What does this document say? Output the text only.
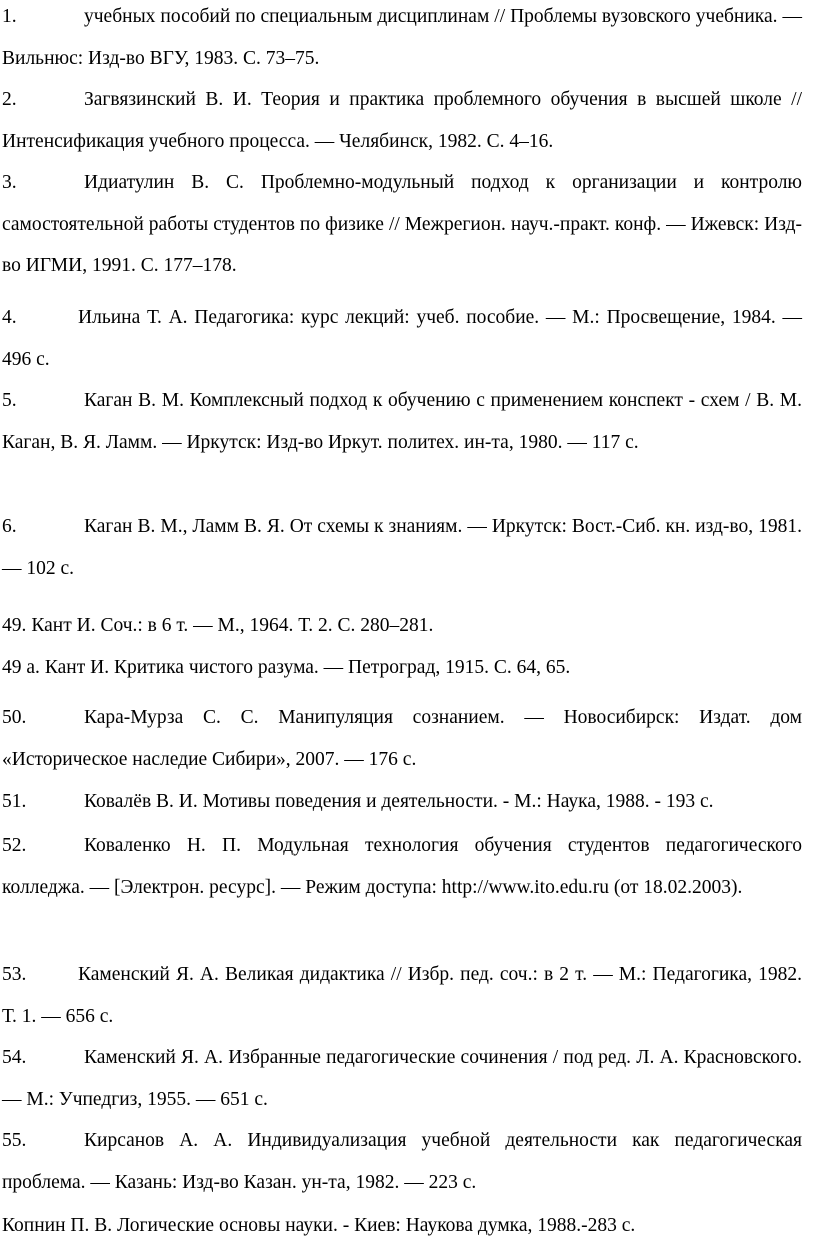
1.	учебных пособий по специальным дисциплинам // Проблемы вузовского учебника. — Вильнюс: Изд-во ВГУ, 1983. С. 73–75.
2.	Загвязинский В. И. Теория и практика проблемного обучения в высшей школе // Интенсификация учебного процесса. — Челябинск, 1982. С. 4–16.
3.	Идиатулин В. С. Проблемно-модульный подход к организации и контролю самостоятельной работы студентов по физике // Межрегион. науч.-практ. конф. — Ижевск: Изд-во ИГМИ, 1991. С. 177–178.
4.	Ильина Т. А. Педагогика: курс лекций: учеб. пособие. — М.: Просвещение, 1984. — 496 с.
5.	Каган В. М. Комплексный подход к обучению с применением конспект - схем / В. М. Каган, В. Я. Ламм. — Иркутск: Изд-во Иркут. политех. ин-та, 1980. — 117 с.
6.	Каган В. М., Ламм В. Я. От схемы к знаниям. — Иркутск: Вост.-Сиб. кн. изд-во, 1981. — 102 с.
49. Кант И. Соч.: в 6 т. — М., 1964. Т. 2. С. 280–281.
49 а. Кант И. Критика чистого разума. — Петроград, 1915. С. 64, 65.
50.	Кара-Мурза С. С. Манипуляция сознанием. — Новосибирск: Издат. дом «Историческое наследие Сибири», 2007. — 176 с.
51.	Ковалёв В. И. Мотивы поведения и деятельности. - М.: Наука, 1988. - 193 с.
52.	Коваленко Н. П. Модульная технология обучения студентов педагогического колледжа. — [Электрон. ресурс]. — Режим доступа: http://www.ito.edu.ru (от 18.02.2003).
53.	Каменский Я. А. Великая дидактика // Избр. пед. соч.: в 2 т. — М.: Педагогика, 1982. Т. 1. — 656 с.
54.	Каменский Я. А. Избранные педагогические сочинения / под ред. Л. А. Красновского. — М.: Учпедгиз, 1955. — 651 с.
55.	Кирсанов А. А. Индивидуализация учебной деятельности как педагогическая проблема. — Казань: Изд-во Казан. ун-та, 1982. — 223 с.
Копнин П. В. Логические основы науки. - Киев: Наукова думка, 1988.-283 с.
